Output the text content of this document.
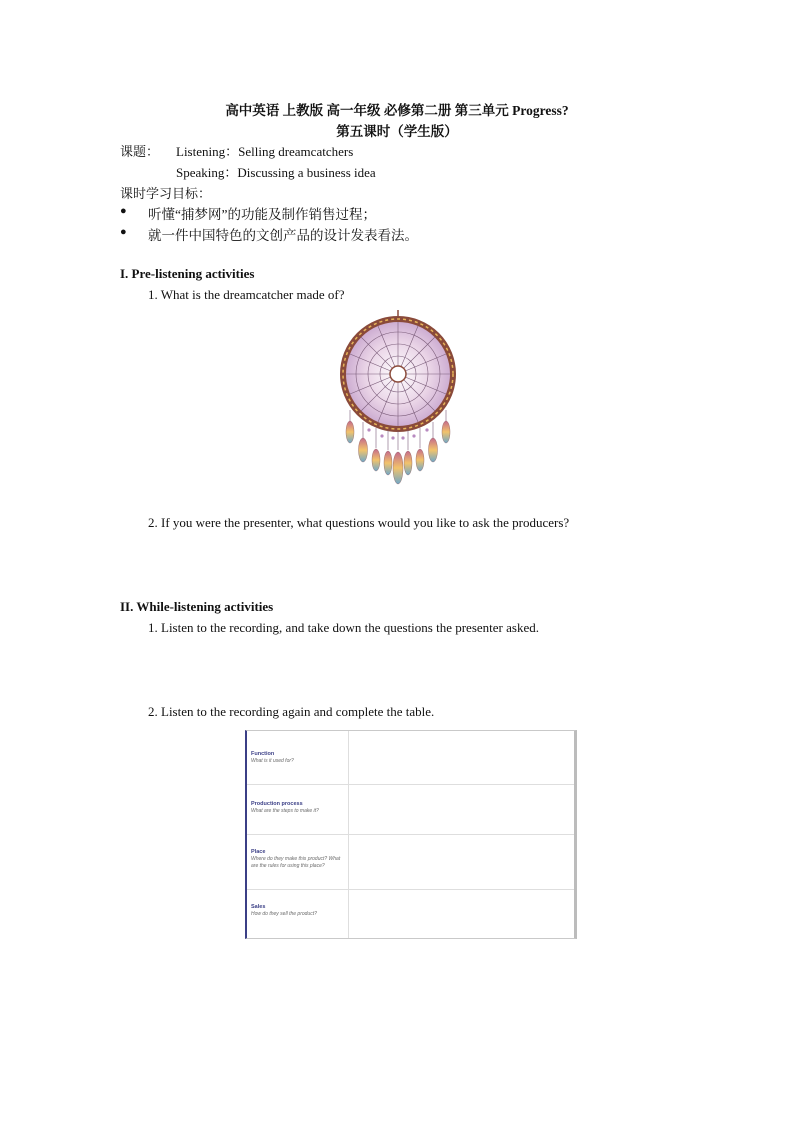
高中英语 上教版 高一年级 必修第二册 第三单元 Progress?
第五课时（学生版）
课题： Listening：Selling dreamcatchers
Speaking：Discussing a business idea
课时学习目标：
● 听懂“捕梦网”的功能及制作销售过程；
● 就一件中国特色的文创产品的设计发表看法。
I. Pre-listening activities
1. What is the dreamcatcher made of?
2. If you were the presenter, what questions would you like to ask the producers?
II. While-listening activities
1. Listen to the recording, and take down the questions the presenter asked.
2. Listen to the recording again and complete the table.
Function
What is it used for?
Production process
What are the steps to make it?
Place
Where do they make this product? What are the rules for using this place?
Sales
How do they sell the product?
